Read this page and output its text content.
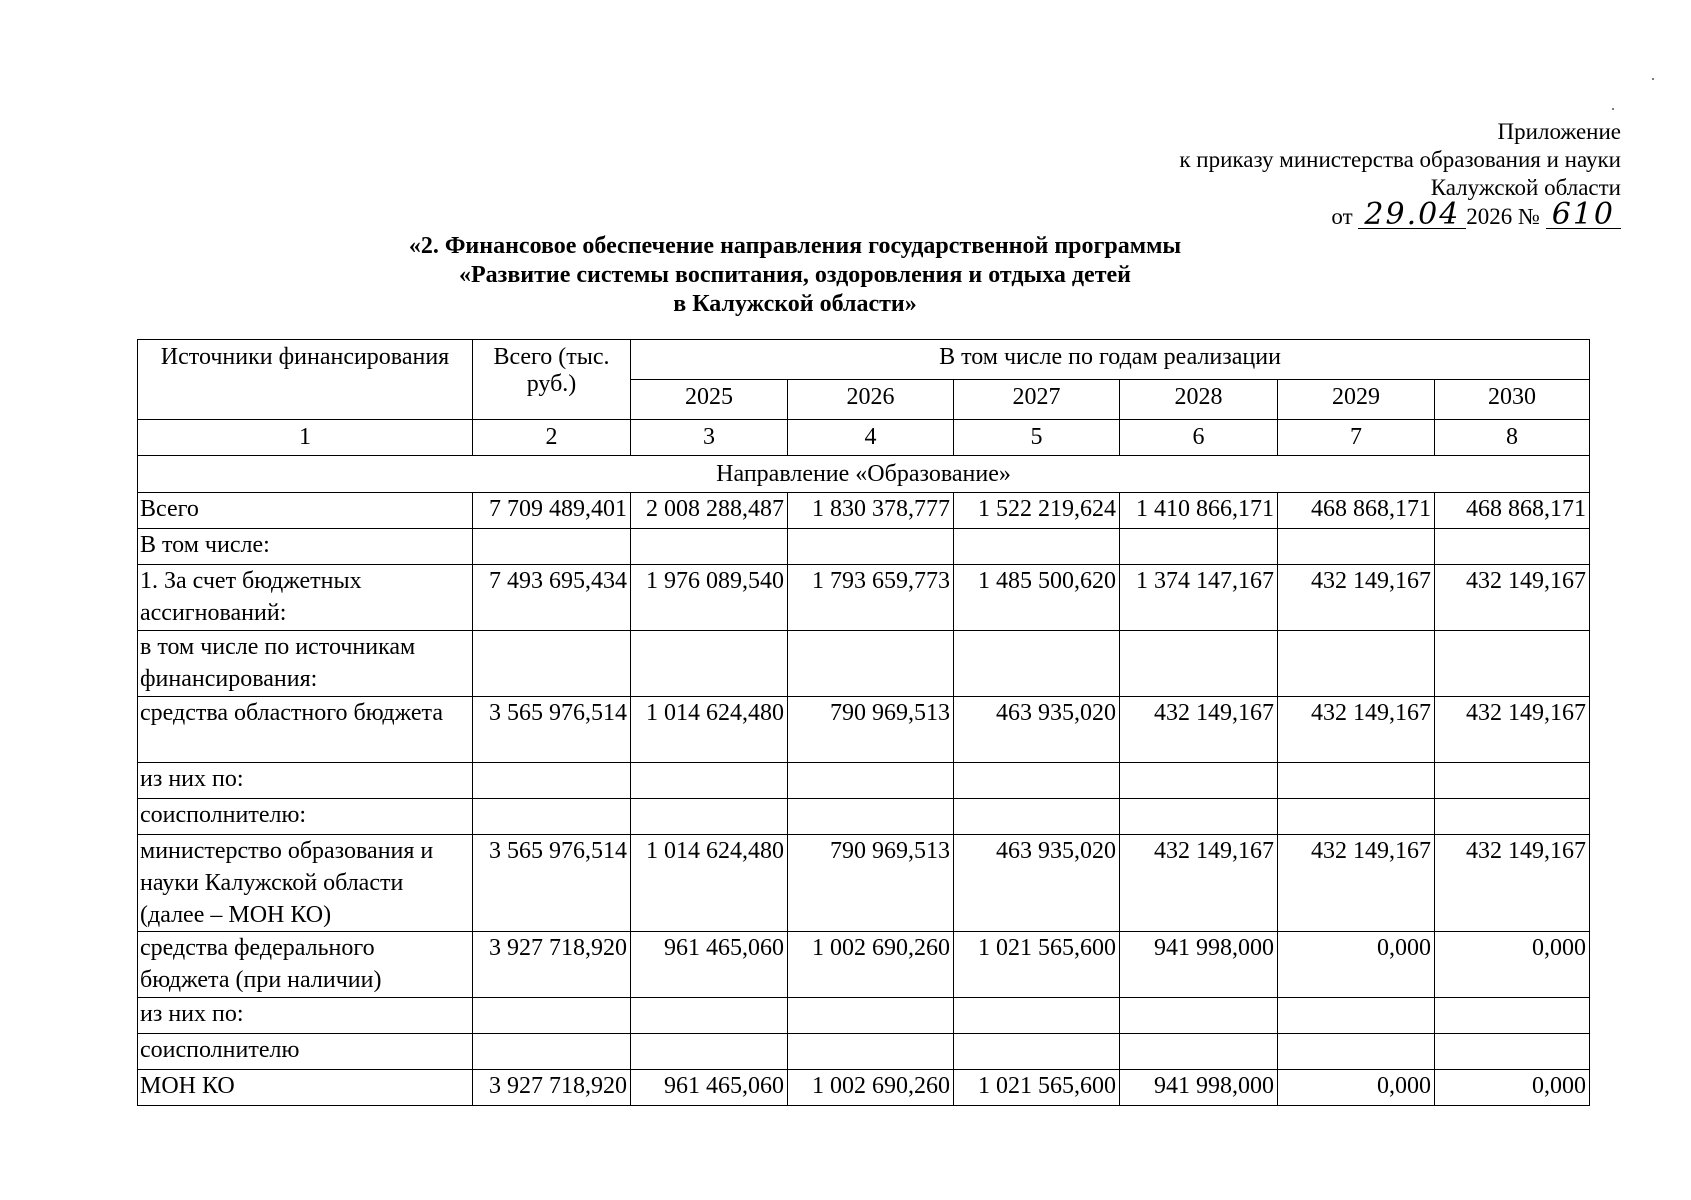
Приложение
к приказу министерства образования и науки
Калужской области
от 29.04 2026 № 610
«2. Финансовое обеспечение направления государственной программы
«Развитие системы воспитания, оздоровления и отдыха детей
в Калужской области»
Источники финансирования	Всего (тыс. руб.)	В том числе по годам реализации					
		2025	2026	2027	2028	2029	2030
1	2	3	4	5	6	7	8
Направление «Образование»							
Всего	7 709 489,401	2 008 288,487	1 830 378,777	1 522 219,624	1 410 866,171	468 868,171	468 868,171
В том числе:							
1. За счет бюджетных ассигнований:	7 493 695,434	1 976 089,540	1 793 659,773	1 485 500,620	1 374 147,167	432 149,167	432 149,167
в том числе по источникам финансирования:							
средства областного бюджета	3 565 976,514	1 014 624,480	790 969,513	463 935,020	432 149,167	432 149,167	432 149,167
из них по:							
соисполнителю:							
министерство образования и науки Калужской области (далее – МОН КО)	3 565 976,514	1 014 624,480	790 969,513	463 935,020	432 149,167	432 149,167	432 149,167
средства федерального бюджета (при наличии)	3 927 718,920	961 465,060	1 002 690,260	1 021 565,600	941 998,000	0,000	0,000
из них по:							
соисполнителю							
МОН КО	3 927 718,920	961 465,060	1 002 690,260	1 021 565,600	941 998,000	0,000	0,000
